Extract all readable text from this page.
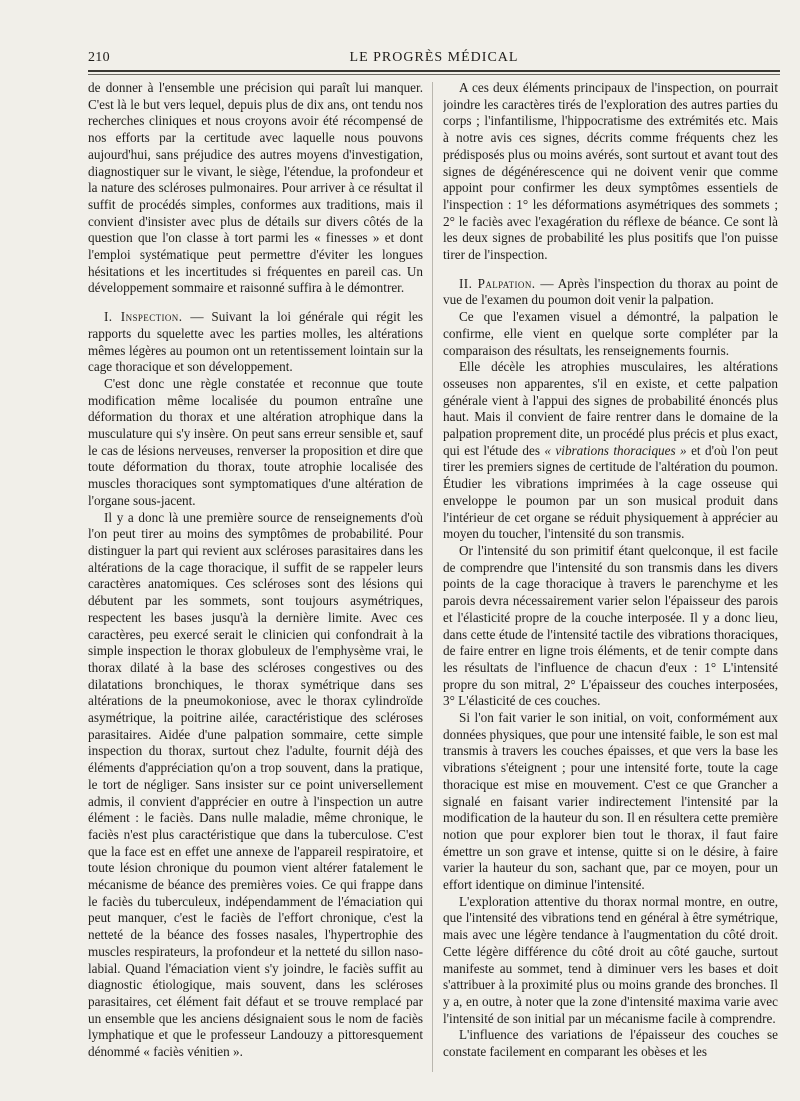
210	LE PROGRÈS MÉDICAL

de donner à l'ensemble une précision qui paraît lui manquer. C'est là le but vers lequel, depuis plus de dix ans, ont tendu nos recherches cliniques et nous croyons avoir été récompensé de nos efforts par la certitude avec laquelle nous pouvons aujourd'hui, sans préjudice des autres moyens d'investigation, diagnostiquer sur le vivant, le siège, l'étendue, la profondeur et la nature des scléroses pulmonaires. Pour arriver à ce résultat il suffit de procédés simples, conformes aux traditions, mais il convient d'insister avec plus de détails sur divers côtés de la question que l'on classe à tort parmi les « finesses » et dont l'emploi systématique peut permettre d'éviter les longues hésitations et les incertitudes si fréquentes en pareil cas. Un développement sommaire et raisonné suffira à le démontrer.

I. Inspection. — Suivant la loi générale qui régit les rapports du squelette avec les parties molles, les altérations mêmes légères au poumon ont un retentissement lointain sur la cage thoracique et son développement.

C'est donc une règle constatée et reconnue que toute modification même localisée du poumon entraîne une déformation du thorax et une altération atrophique dans la musculature qui s'y insère. On peut sans erreur sensible et, sauf le cas de lésions nerveuses, renverser la proposition et dire que toute déformation du thorax, toute atrophie localisée des muscles thoraciques sont symptomatiques d'une altération de l'organe sous-jacent.

Il y a donc là une première source de renseignements d'où l'on peut tirer au moins des symptômes de probabilité. Pour distinguer la part qui revient aux scléroses parasitaires dans les altérations de la cage thoracique, il suffit de se rappeler leurs caractères anatomiques. Ces scléroses sont des lésions qui débutent par les sommets, sont toujours asymétriques, respectent les bases jusqu'à la dernière limite. Avec ces caractères, peu exercé serait le clinicien qui confondrait à la simple inspection le thorax globuleux de l'emphysème vrai, le thorax dilaté à la base des scléroses congestives ou des dilatations bronchiques, le thorax symétrique dans ses altérations de la pneumokoniose, avec le thorax cylindroïde asymétrique, la poitrine ailée, caractéristique des scléroses parasitaires. Aidée d'une palpation sommaire, cette simple inspection du thorax, surtout chez l'adulte, fournit déjà des éléments d'appréciation qu'on a trop souvent, dans la pratique, le tort de négliger. Sans insister sur ce point universellement admis, il convient d'apprécier en outre à l'inspection un autre élément : le faciès. Dans nulle maladie, même chronique, le faciès n'est plus caractéristique que dans la tuberculose. C'est que la face est en effet une annexe de l'appareil respiratoire, et toute lésion chronique du poumon vient altérer fatalement le mécanisme de béance des premières voies. Ce qui frappe dans le faciès du tuberculeux, indépendamment de l'émaciation qui peut manquer, c'est le faciès de l'effort chronique, c'est la netteté de la béance des fosses nasales, l'hypertrophie des muscles respirateurs, la profondeur et la netteté du sillon naso-labial. Quand l'émaciation vient s'y joindre, le faciès suffit au diagnostic étiologique, mais souvent, dans les scléroses parasitaires, cet élément fait défaut et se trouve remplacé par un ensemble que les anciens désignaient sous le nom de faciès lymphatique et que le professeur Landouzy a pittoresquement dénommé « faciès vénitien ».

A ces deux éléments principaux de l'inspection, on pourrait joindre les caractères tirés de l'exploration des autres parties du corps ; l'infantilisme, l'hippocratisme des extrémités etc. Mais à notre avis ces signes, décrits comme fréquents chez les prédisposés plus ou moins avérés, sont surtout et avant tout des signes de dégénérescence qui ne doivent venir que comme appoint pour confirmer les deux symptômes essentiels de l'inspection : 1° les déformations asymétriques des sommets ; 2° le faciès avec l'exagération du réflexe de béance. Ce sont là les deux signes de probabilité les plus positifs que l'on puisse tirer de l'inspection.

II. Palpation. — Après l'inspection du thorax au point de vue de l'examen du poumon doit venir la palpation.

Ce que l'examen visuel a démontré, la palpation le confirme, elle vient en quelque sorte compléter par la comparaison des résultats, les renseignements fournis.

Elle décèle les atrophies musculaires, les altérations osseuses non apparentes, s'il en existe, et cette palpation générale vient à l'appui des signes de probabilité énoncés plus haut. Mais il convient de faire rentrer dans le domaine de la palpation proprement dite, un procédé plus précis et plus exact, qui est l'étude des « vibrations thoraciques » et d'où l'on peut tirer les premiers signes de certitude de l'altération du poumon. Étudier les vibrations imprimées à la cage osseuse qui enveloppe le poumon par un son musical produit dans l'intérieur de cet organe se réduit physiquement à apprécier au moyen du toucher, l'intensité du son transmis.

Or l'intensité du son primitif étant quelconque, il est facile de comprendre que l'intensité du son transmis dans les divers points de la cage thoracique à travers le parenchyme et les parois devra nécessairement varier selon l'épaisseur des parois et l'élasticité propre de la couche interposée. Il y a donc lieu, dans cette étude de l'intensité tactile des vibrations thoraciques, de faire entrer en ligne trois éléments, et de tenir compte dans les résultats de l'influence de chacun d'eux : 1° L'intensité propre du son mitral, 2° L'épaisseur des couches interposées, 3° L'élasticité de ces couches.

Si l'on fait varier le son initial, on voit, conformément aux données physiques, que pour une intensité faible, le son est mal transmis à travers les couches épaisses, et que vers la base les vibrations s'éteignent ; pour une intensité forte, toute la cage thoracique est mise en mouvement. C'est ce que Grancher a signalé en faisant varier indirectement l'intensité par la modification de la hauteur du son. Il en résultera cette première notion que pour explorer bien tout le thorax, il faut faire émettre un son grave et intense, quitte si on le désire, à faire varier la hauteur du son, sachant que, par ce moyen, pour un effort identique on diminue l'intensité.

L'exploration attentive du thorax normal montre, en outre, que l'intensité des vibrations tend en général à être symétrique, mais avec une légère tendance à l'augmentation du côté droit. Cette légère différence du côté droit au côté gauche, surtout manifeste au sommet, tend à diminuer vers les bases et doit s'attribuer à la proximité plus ou moins grande des bronches. Il y a, en outre, à noter que la zone d'intensité maxima varie avec l'intensité de son initial par un mécanisme facile à comprendre.

L'influence des variations de l'épaisseur des couches se constate facilement en comparant les obèses et les
